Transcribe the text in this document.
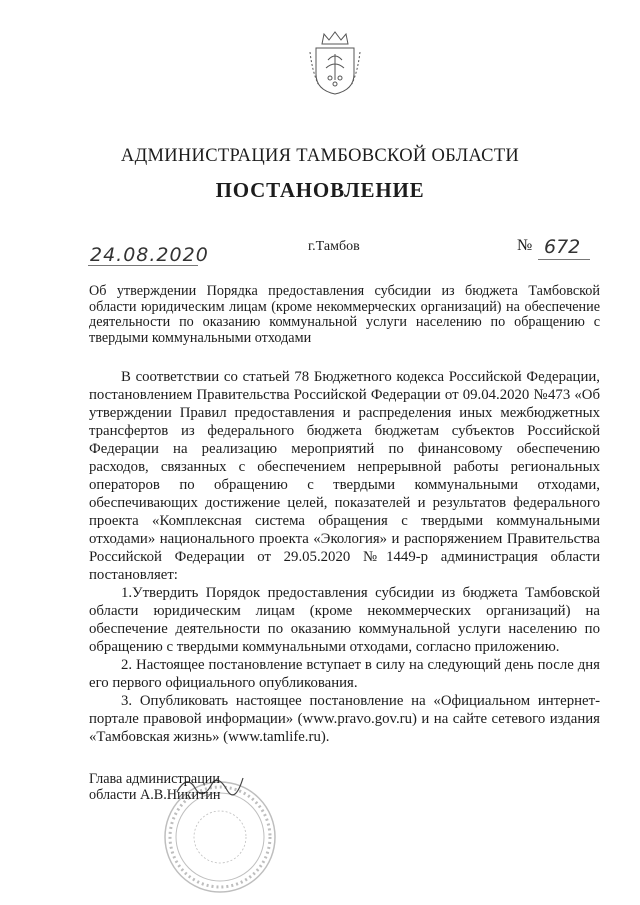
АДМИНИСТРАЦИЯ ТАМБОВСКОЙ ОБЛАСТИ
ПОСТАНОВЛЕНИЕ
24.08.2020	г.Тамбов	№ 672
Об утверждении Порядка предоставления субсидии из бюджета Тамбовской области юридическим лицам (кроме некоммерческих организаций) на обеспечение деятельности по оказанию коммунальной услуги населению по обращению с твердыми коммунальными отходами

В соответствии со статьей 78 Бюджетного кодекса Российской Федерации, постановлением Правительства Российской Федерации от 09.04.2020 №473 «Об утверждении Правил предоставления и распределения иных межбюджетных трансфертов из федерального бюджета бюджетам субъектов Российской Федерации на реализацию мероприятий по финансовому обеспечению расходов, связанных с обеспечением непрерывной работы региональных операторов по обращению с твердыми коммунальными отходами, обеспечивающих достижение целей, показателей и результатов федерального проекта «Комплексная система обращения с твердыми коммунальными отходами» национального проекта «Экология» и распоряжением Правительства Российской Федерации от 29.05.2020 №1449-р администрация области постановляет:

1.Утвердить Порядок предоставления субсидии из бюджета Тамбовской области юридическим лицам (кроме некоммерческих организаций) на обеспечение деятельности по оказанию коммунальной услуги населению по обращению с твердыми коммунальными отходами, согласно приложению.

2. Настоящее постановление вступает в силу на следующий день после дня его первого официального опубликования.

3. Опубликовать настоящее постановление на «Официальном интернет-портале правовой информации» (www.pravo.gov.ru) и на сайте сетевого издания «Тамбовская жизнь» (www.tamlife.ru).

Глава администрации
области А.В.Никитин
